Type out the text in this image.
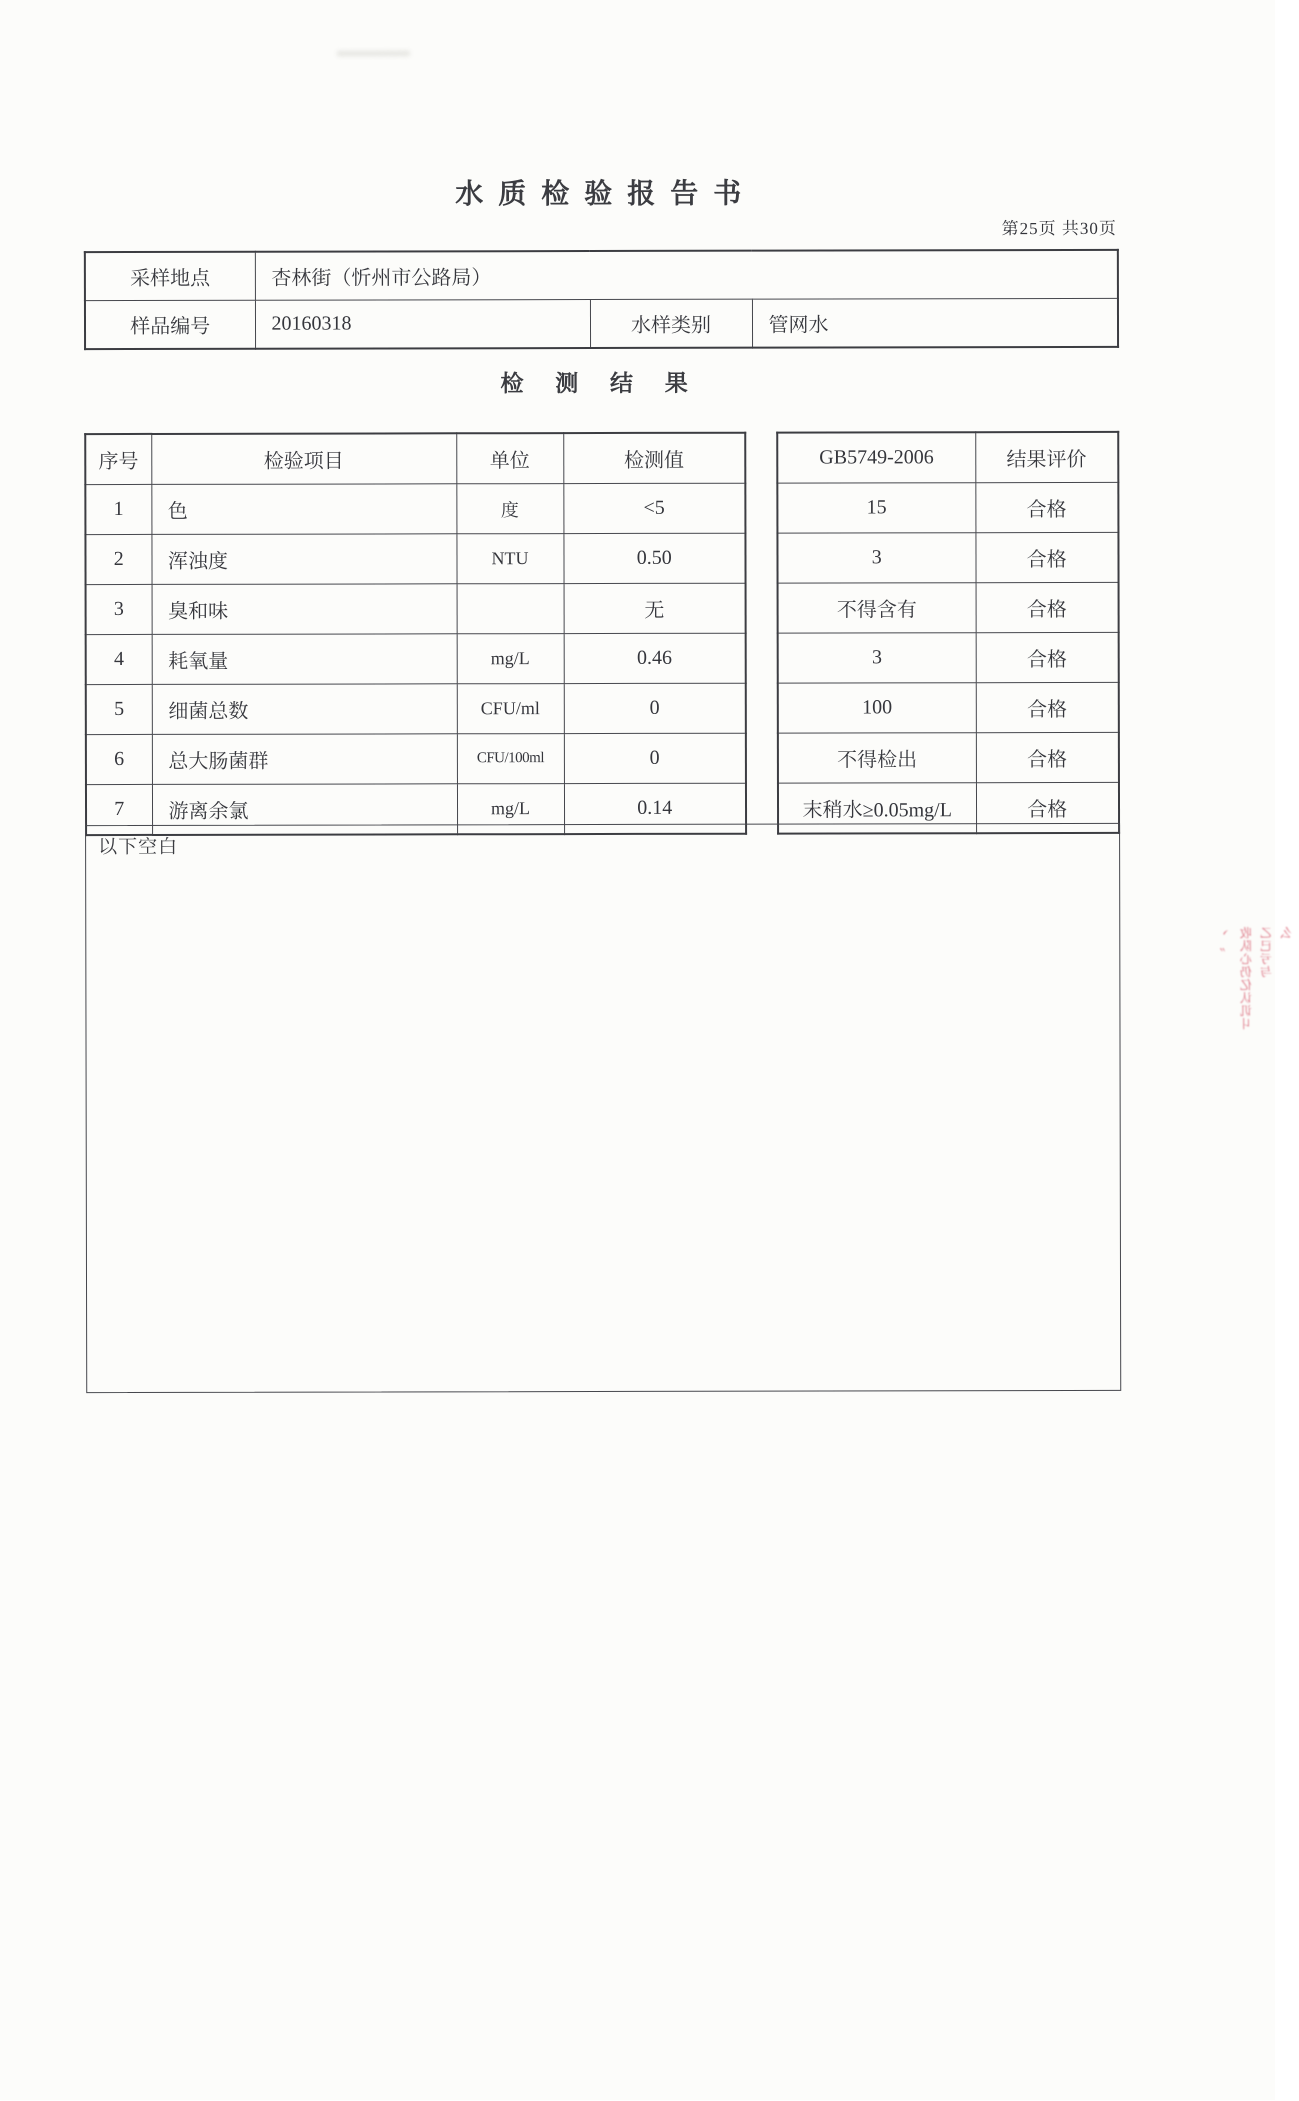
水 质 检 验 报 告 书
第25页 共30页
采样地点	杏林街（忻州市公路局）		
样品编号	20160318	水样类别	管网水
检 测 结 果
序号	检验项目	单位	检测值
1	色	度	<5
2	浑浊度	NTU	0.50
3	臭和味		无
4	耗氧量	mg/L	0.46
5	细菌总数	CFU/ml	0
6	总大肠菌群	CFU/100ml	0
7	游离余氯	mg/L	0.14
GB5749-2006	结果评价
15	合格
3	合格
不得含有	合格
3	合格
100	合格
不得检出	合格
末稍水≥0.05mg/L	合格
以下空白
丶〝 收队心仍亿认讥丩 乙已亏与 么
